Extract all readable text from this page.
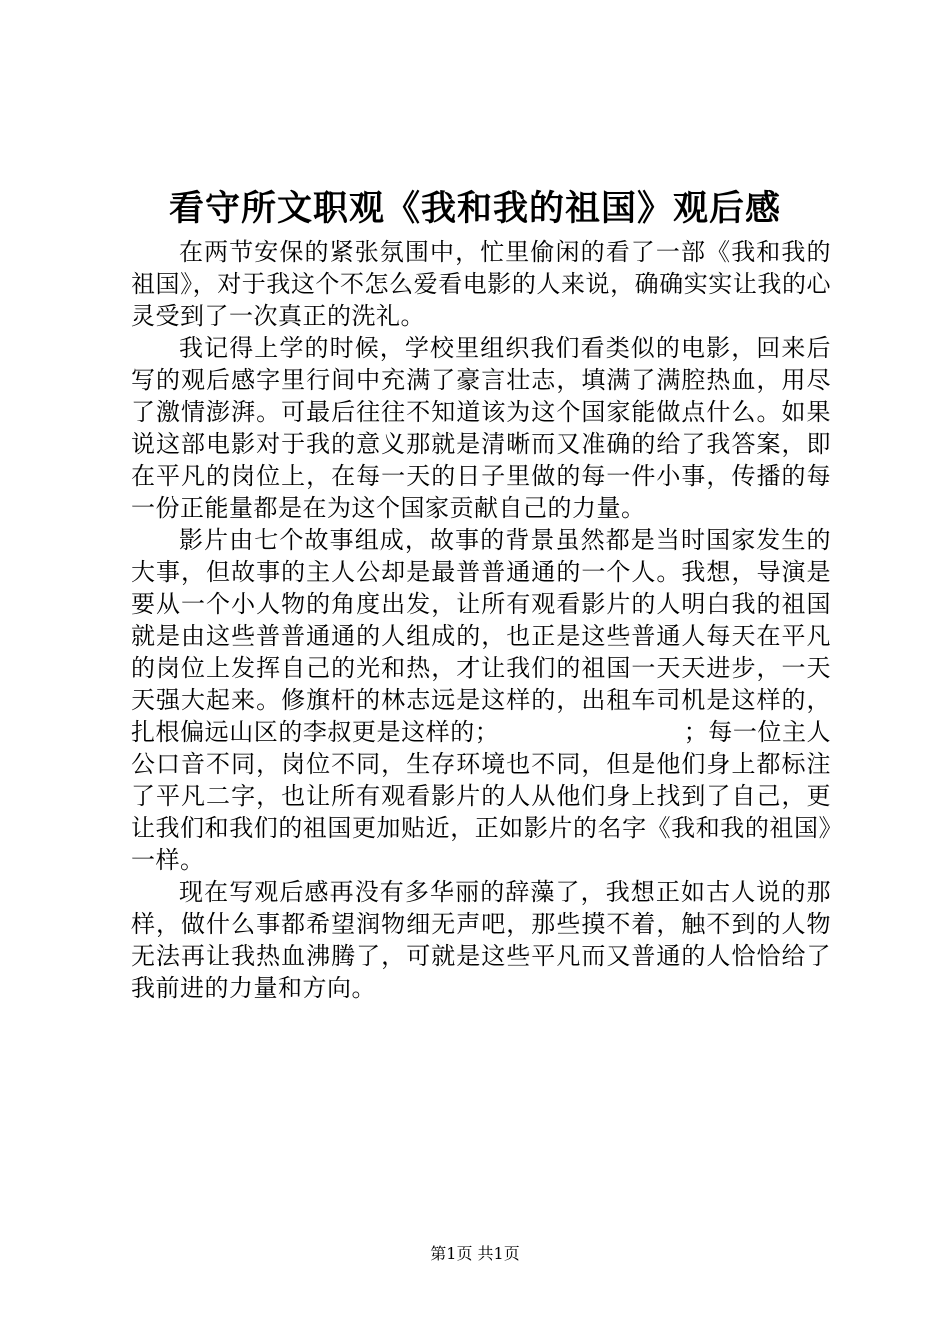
看守所文职观《我和我的祖国》观后感

在两节安保的紧张氛围中，忙里偷闲的看了一部《我和我的祖国》，对于我这个不怎么爱看电影的人来说，确确实实让我的心灵受到了一次真正的洗礼。

我记得上学的时候，学校里组织我们看类似的电影，回来后写的观后感字里行间中充满了豪言壮志，填满了满腔热血，用尽了激情澎湃。可最后往往不知道该为这个国家能做点什么。如果说这部电影对于我的意义那就是清晰而又准确的给了我答案，即在平凡的岗位上，在每一天的日子里做的每一件小事，传播的每一份正能量都是在为这个国家贡献自己的力量。

影片由七个故事组成，故事的背景虽然都是当时国家发生的大事，但故事的主人公却是最普普通通的一个人。我想，导演是要从一个小人物的角度出发，让所有观看影片的人明白我的祖国就是由这些普普通通的人组成的，也正是这些普通人每天在平凡的岗位上发挥自己的光和热，才让我们的祖国一天天进步，一天天强大起来。修旗杆的林志远是这样的，出租车司机是这样的，扎根偏远山区的李叔更是这样的；　　　　　　　　；每一位主人公口音不同，岗位不同，生存环境也不同，但是他们身上都标注了平凡二字，也让所有观看影片的人从他们身上找到了自己，更让我们和我们的祖国更加贴近，正如影片的名字《我和我的祖国》一样。

现在写观后感再没有多华丽的辞藻了，我想正如古人说的那样，做什么事都希望润物细无声吧，那些摸不着，触不到的人物无法再让我热血沸腾了，可就是这些平凡而又普通的人恰恰给了我前进的力量和方向。

第1页 共1页
